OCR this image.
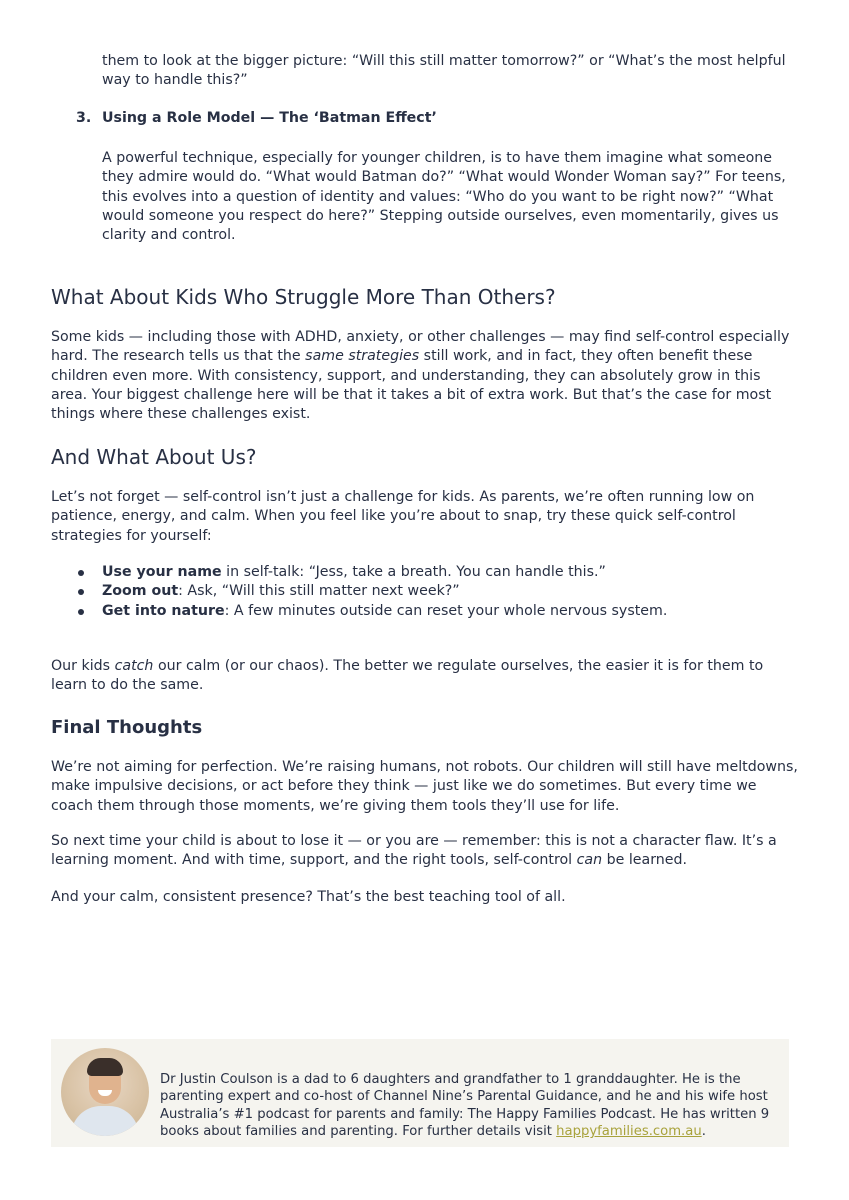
them to look at the bigger picture: “Will this still matter tomorrow?” or “What’s the most helpful way to handle this?”

3. Using a Role Model — The ‘Batman Effect’

A powerful technique, especially for younger children, is to have them imagine what someone they admire would do. “What would Batman do?” “What would Wonder Woman say?” For teens, this evolves into a question of identity and values: “Who do you want to be right now?” “What would someone you respect do here?” Stepping outside ourselves, even momentarily, gives us clarity and control.

What About Kids Who Struggle More Than Others?

Some kids — including those with ADHD, anxiety, or other challenges — may find self-control especially hard. The research tells us that the same strategies still work, and in fact, they often benefit these children even more. With consistency, support, and understanding, they can absolutely grow in this area. Your biggest challenge here will be that it takes a bit of extra work. But that’s the case for most things where these challenges exist.

And What About Us?

Let’s not forget — self-control isn’t just a challenge for kids. As parents, we’re often running low on patience, energy, and calm. When you feel like you’re about to snap, try these quick self-control strategies for yourself:

Use your name in self-talk: “Jess, take a breath. You can handle this.”
Zoom out: Ask, “Will this still matter next week?”
Get into nature: A few minutes outside can reset your whole nervous system.

Our kids catch our calm (or our chaos). The better we regulate ourselves, the easier it is for them to learn to do the same.

Final Thoughts

We’re not aiming for perfection. We’re raising humans, not robots. Our children will still have meltdowns, make impulsive decisions, or act before they think — just like we do sometimes. But every time we coach them through those moments, we’re giving them tools they’ll use for life.

So next time your child is about to lose it — or you are — remember: this is not a character flaw. It’s a learning moment. And with time, support, and the right tools, self-control can be learned.

And your calm, consistent presence? That’s the best teaching tool of all.

Dr Justin Coulson is a dad to 6 daughters and grandfather to 1 granddaughter. He is the parenting expert and co-host of Channel Nine’s Parental Guidance, and he and his wife host Australia’s #1 podcast for parents and family: The Happy Families Podcast. He has written 9 books about families and parenting. For further details visit happyfamilies.com.au.
